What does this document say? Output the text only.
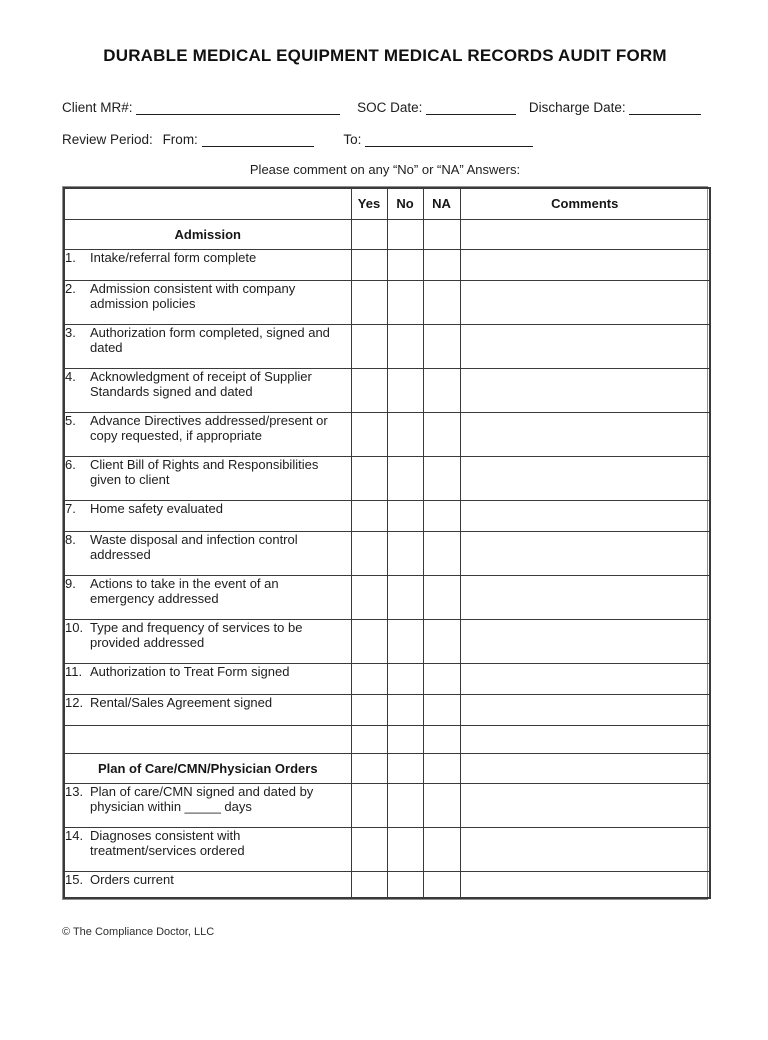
DURABLE MEDICAL EQUIPMENT MEDICAL RECORDS AUDIT FORM
Client MR#:	SOC Date:	Discharge Date:
Review Period: From:	To:
Please comment on any “No” or “NA” Answers:
	Yes	No	NA	Comments
Admission				
1. Intake/referral form complete				
2. Admission consistent with company admission policies				
3. Authorization form completed, signed and dated				
4. Acknowledgment of receipt of Supplier Standards signed and dated				
5. Advance Directives addressed/present or copy requested, if appropriate				
6. Client Bill of Rights and Responsibilities given to client				
7. Home safety evaluated				
8. Waste disposal and infection control addressed				
9. Actions to take in the event of an emergency addressed				
10. Type and frequency of services to be provided addressed				
11. Authorization to Treat Form signed				
12. Rental/Sales Agreement signed				

Plan of Care/CMN/Physician Orders				
13. Plan of care/CMN signed and dated by physician within _____ days				
14. Diagnoses consistent with treatment/services ordered				
15. Orders current				
© The Compliance Doctor, LLC
